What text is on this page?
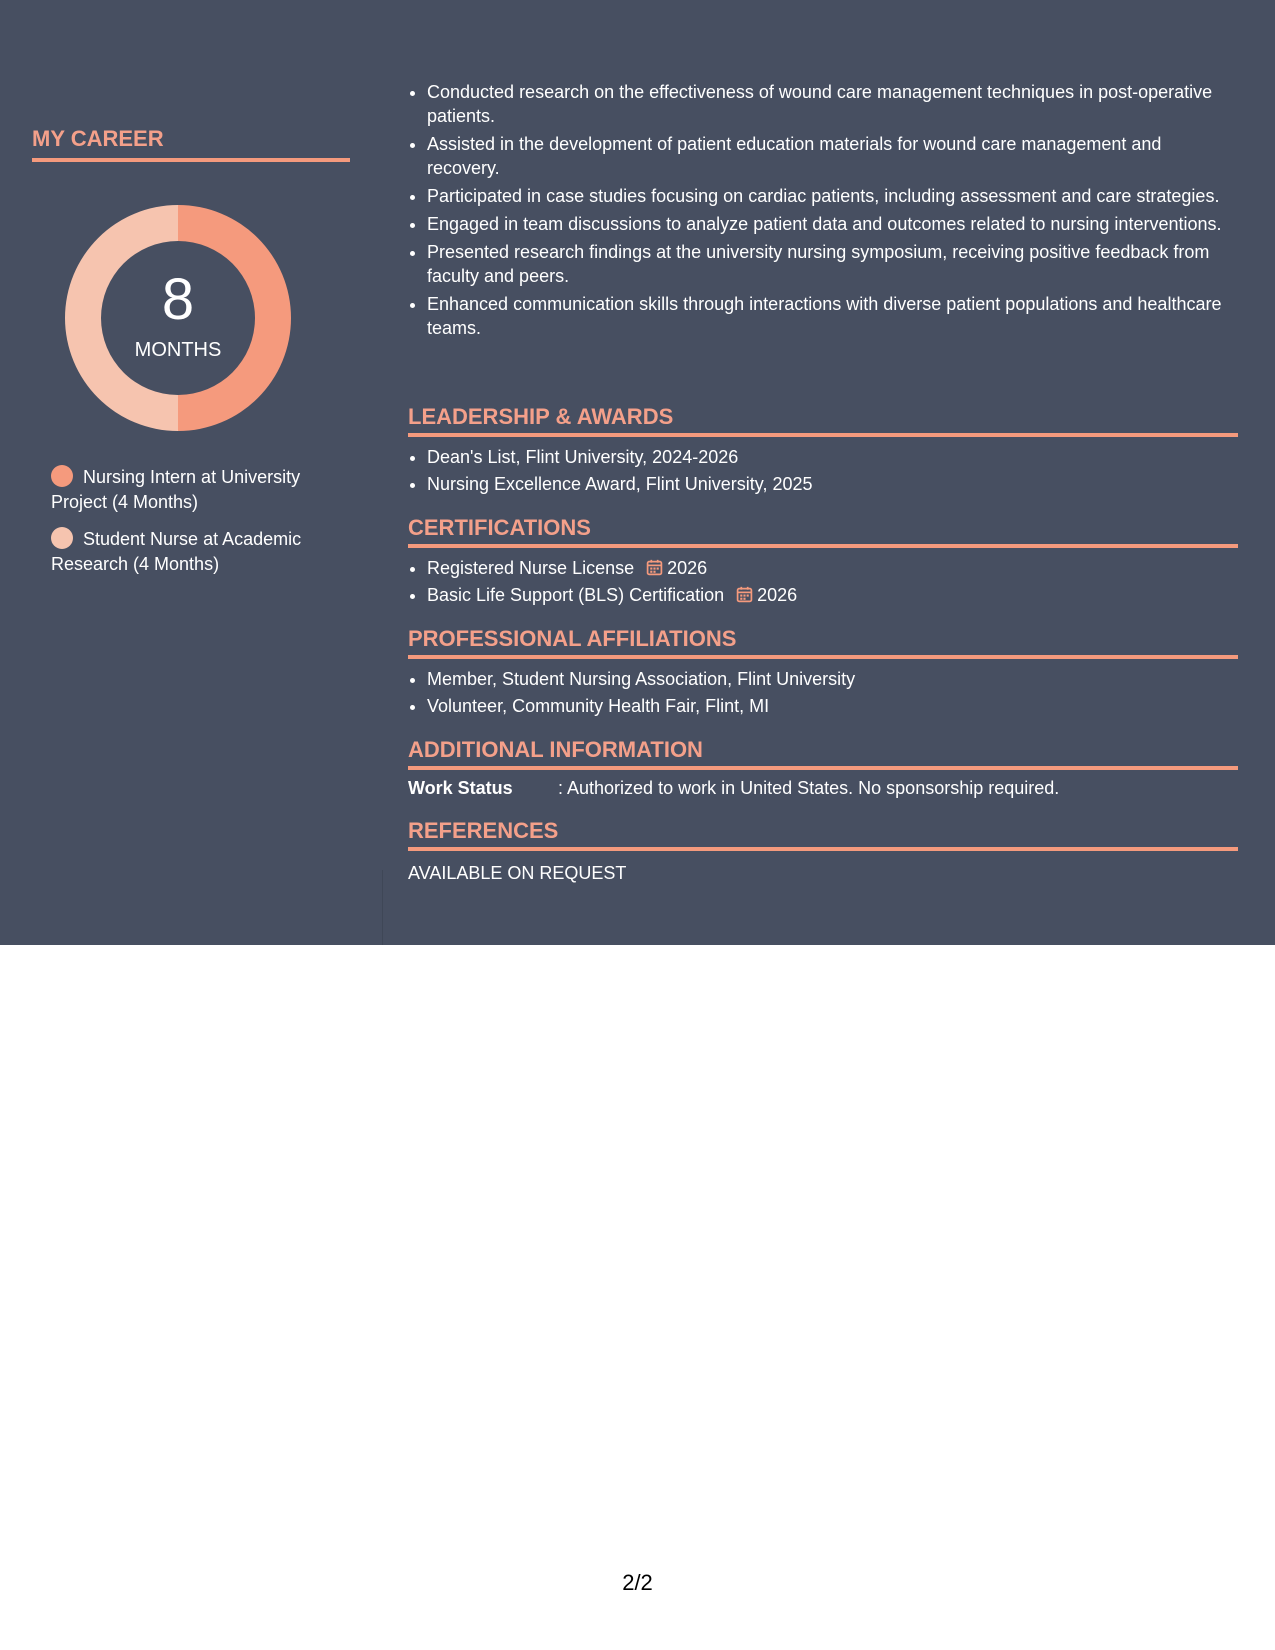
MY CAREER
8
MONTHS
Nursing Intern at University Project (4 Months)
Student Nurse at Academic Research (4 Months)
• Conducted research on the effectiveness of wound care management techniques in post-operative patients.
• Assisted in the development of patient education materials for wound care management and recovery.
• Participated in case studies focusing on cardiac patients, including assessment and care strategies.
• Engaged in team discussions to analyze patient data and outcomes related to nursing interventions.
• Presented research findings at the university nursing symposium, receiving positive feedback from faculty and peers.
• Enhanced communication skills through interactions with diverse patient populations and healthcare teams.
LEADERSHIP & AWARDS
• Dean's List, Flint University, 2024-2026
• Nursing Excellence Award, Flint University, 2025
CERTIFICATIONS
• Registered Nurse License 2026
• Basic Life Support (BLS) Certification 2026
PROFESSIONAL AFFILIATIONS
• Member, Student Nursing Association, Flint University
• Volunteer, Community Health Fair, Flint, MI
ADDITIONAL INFORMATION
Work Status	: Authorized to work in United States. No sponsorship required.
REFERENCES
AVAILABLE ON REQUEST
2/2
